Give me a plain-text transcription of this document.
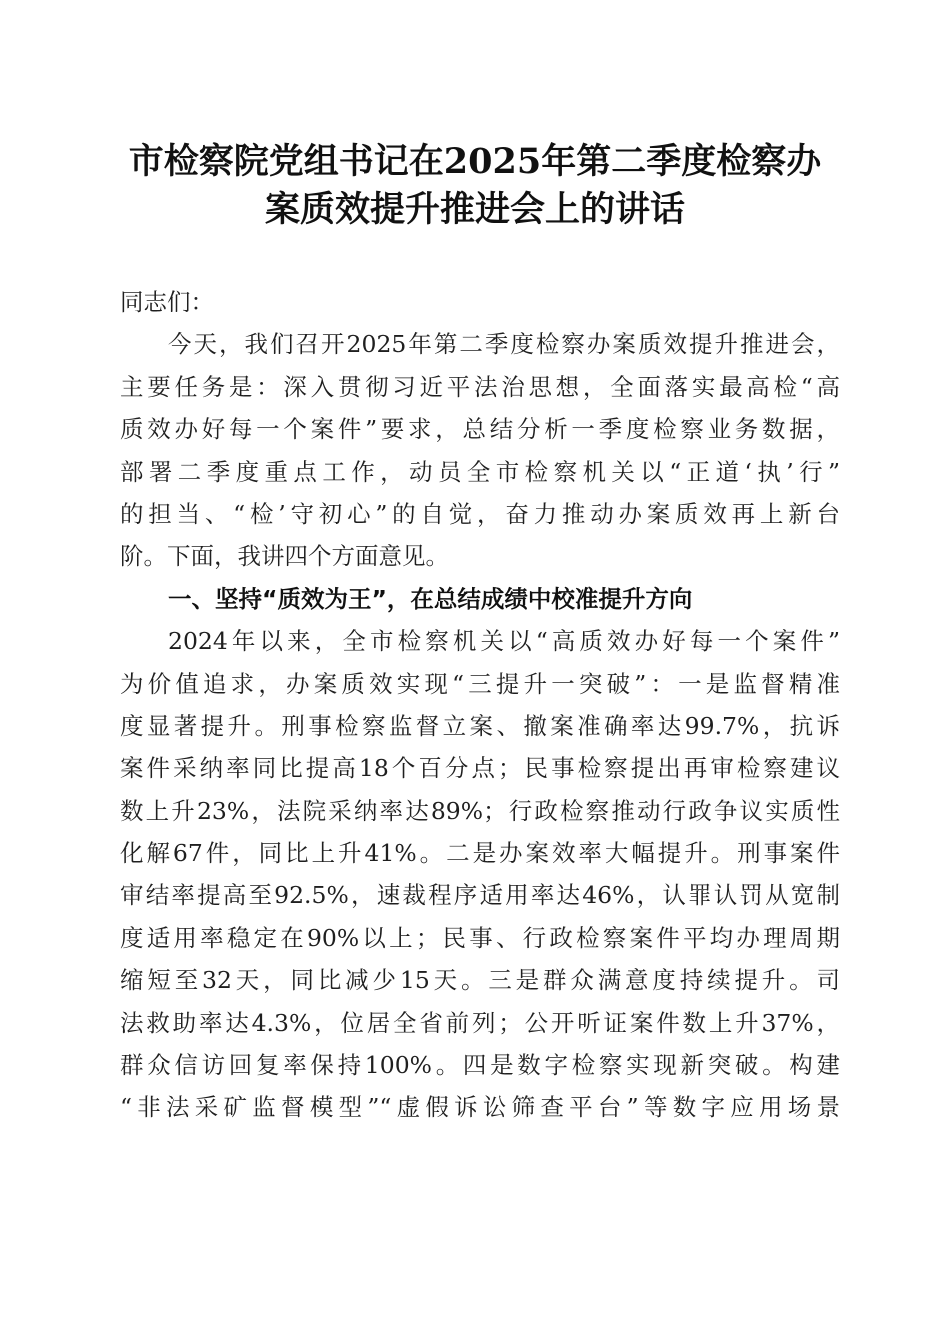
市检察院党组书记在2025年第二季度检察办
案质效提升推进会上的讲话
同志们：
今天，我们召开2025年第二季度检察办案质效提升推进会，
主要任务是：深入贯彻习近平法治思想，全面落实最高检“高
质效办好每一个案件”要求，总结分析一季度检察业务数据，
部署二季度重点工作，动员全市检察机关以“正道‘执’行”
的担当、“检’守初心”的自觉，奋力推动办案质效再上新台
阶。下面，我讲四个方面意见。
一、坚持“质效为王”，在总结成绩中校准提升方向
2024年以来，全市检察机关以“高质效办好每一个案件”
为价值追求，办案质效实现“三提升一突破”：一是监督精准
度显著提升。刑事检察监督立案、撤案准确率达99.7%，抗诉
案件采纳率同比提高18个百分点；民事检察提出再审检察建议
数上升23%，法院采纳率达89%；行政检察推动行政争议实质性
化解67件，同比上升41%。二是办案效率大幅提升。刑事案件
审结率提高至92.5%，速裁程序适用率达46%，认罪认罚从宽制
度适用率稳定在90%以上；民事、行政检察案件平均办理周期
缩短至32天，同比减少15天。三是群众满意度持续提升。司
法救助率达4.3%，位居全省前列；公开听证案件数上升37%，
群众信访回复率保持100%。四是数字检察实现新突破。构建
“非法采矿监督模型”“虚假诉讼筛查平台”等数字应用场景
